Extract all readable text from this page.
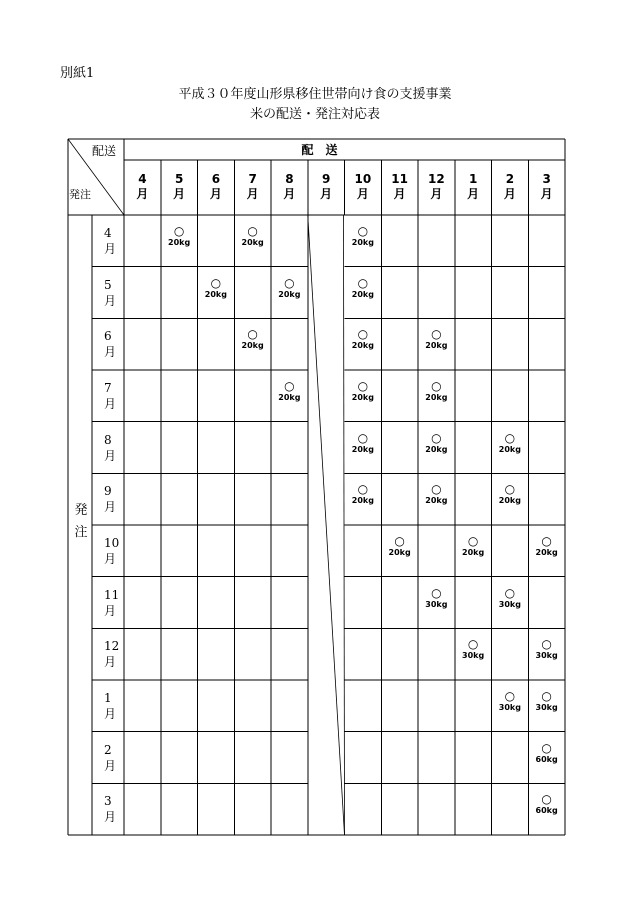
別紙1
平成３０年度山形県移住世帯向け食の支援事業
米の配送・発注対応表
配送
発注
配送
4
月
5
月
6
月
7
月
8
月
9
月
10
月
11
月
12
月
1
月
2
月
3
月
発
注
4
月
5
月
6
月
7
月
8
月
9
月
10
月
11
月
12
月
1
月
2
月
3
月
○
20kg
○
20kg
○
20kg
○
20kg
○
20kg
○
20kg
○
20kg
○
20kg
○
20kg
○
20kg
○
20kg
○
20kg
○
20kg
○
20kg
○
20kg
○
20kg
○
20kg
○
20kg
○
20kg
○
20kg
○
20kg
○
30kg
○
30kg
○
30kg
○
30kg
○
30kg
○
30kg
○
60kg
○
60kg
